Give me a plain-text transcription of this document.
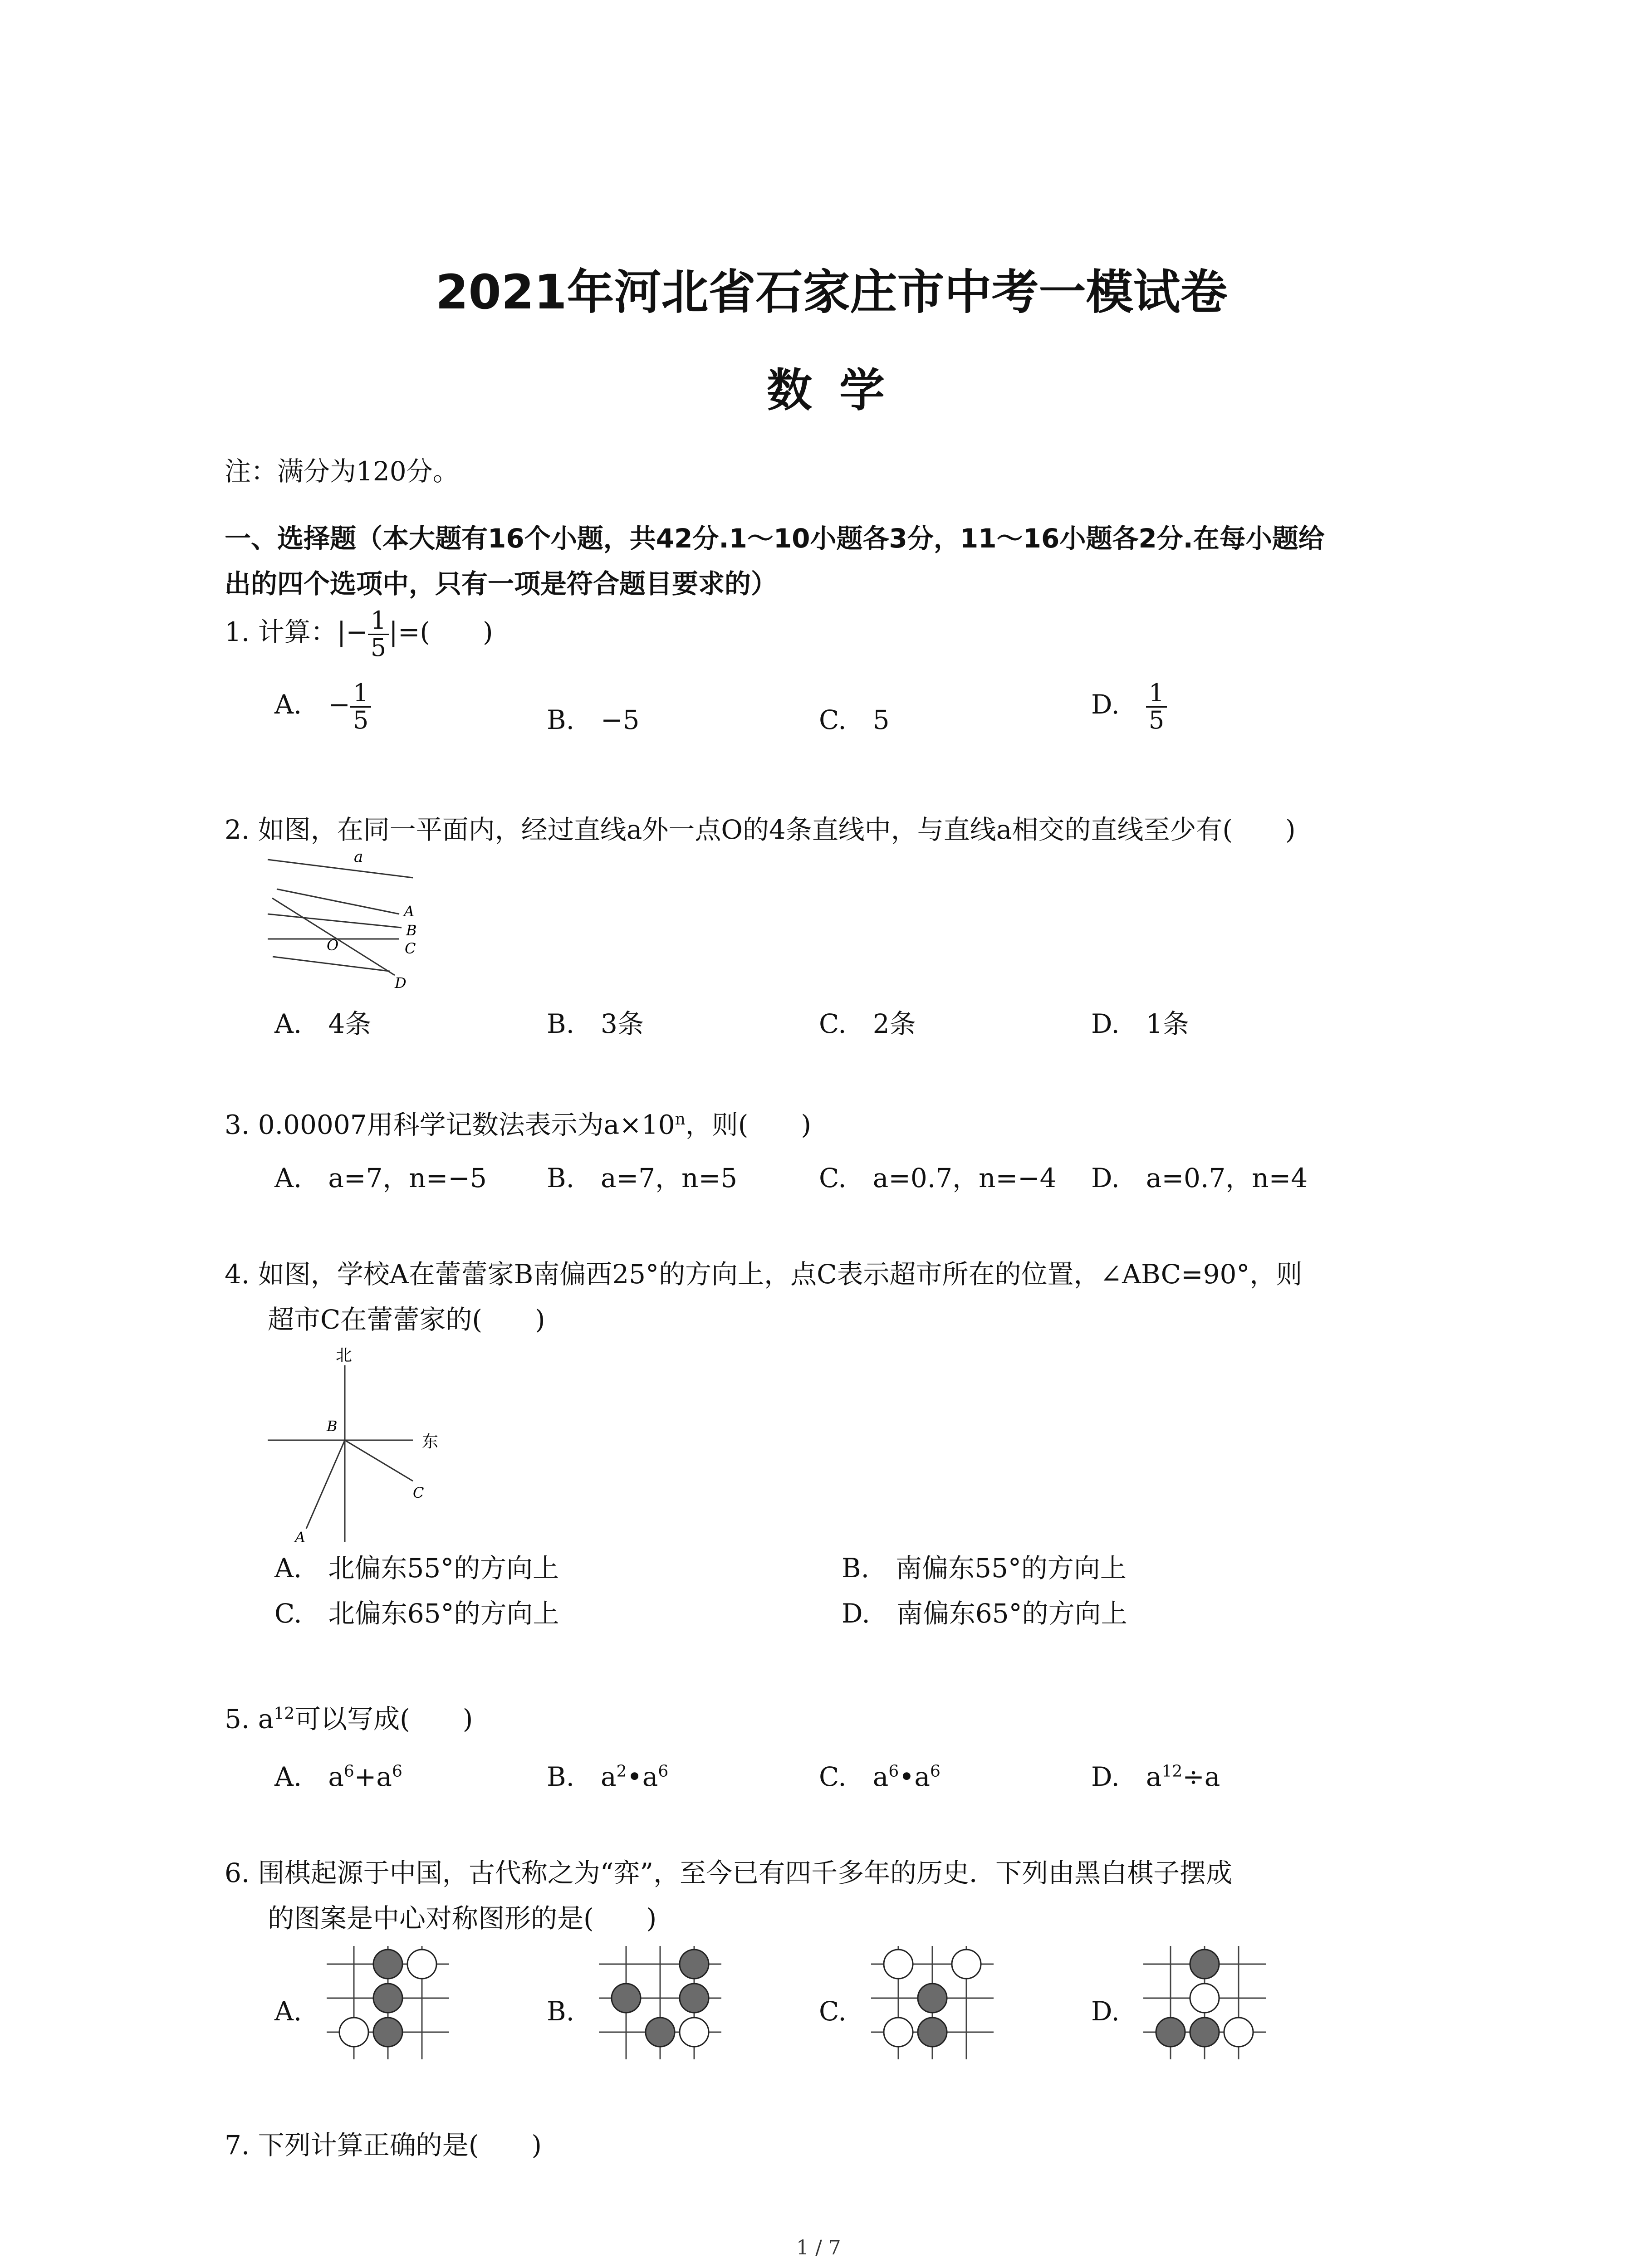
2021年河北省石家庄市中考一模试卷
数学
注：满分为120分。
一、选择题（本大题有16个小题，共42分.1～10小题各3分，11～16小题各2分.在每小题给
出的四个选项中，只有一项是符合题目要求的）
1. 计算：|− $\frac{1}{5}$ |=(　　)
A.　 − $\frac{1}{5}$	B.　−5	C.　5	D.　 $\frac{1}{5}$
2. 如图，在同一平面内，经过直线a外一点O的4条直线中，与直线a相交的直线至少有(　　)
a
A
B
C
D
O
A.　4条	B.　3条	C.　2条	D.　1条
3. 0.00007用科学记数法表示为$a\times 10^n$，则(　　)
A.　a=7，n=−5 B.　a=7，n=5	C.　a=0.7，n=−4 D.　a=0.7，n=4
4. 如图，学校A在蕾蕾家B南偏西25°的方向上，点C表示超市所在的位置，∠ABC=90°，则
超市C在蕾蕾家的(　　)
北
东
B
C
A
A.　北偏东55°的方向上	B.　南偏东55°的方向上
C.　北偏东65°的方向上	D.　南偏东65°的方向上
5. $a^{12}$可以写成(　　)
A.　$a^6+a^6$	B.　$a^2•a^6$	C.　$a^6•a^6$	D.　$a^{12}\div a$
6. 围棋起源于中国，古代称之为“弈”，至今已有四千多年的历史．下列由黑白棋子摆成
的图案是中心对称图形的是(　　)
A.	B.	C.	D.
7. 下列计算正确的是(　　)
1 / 7
